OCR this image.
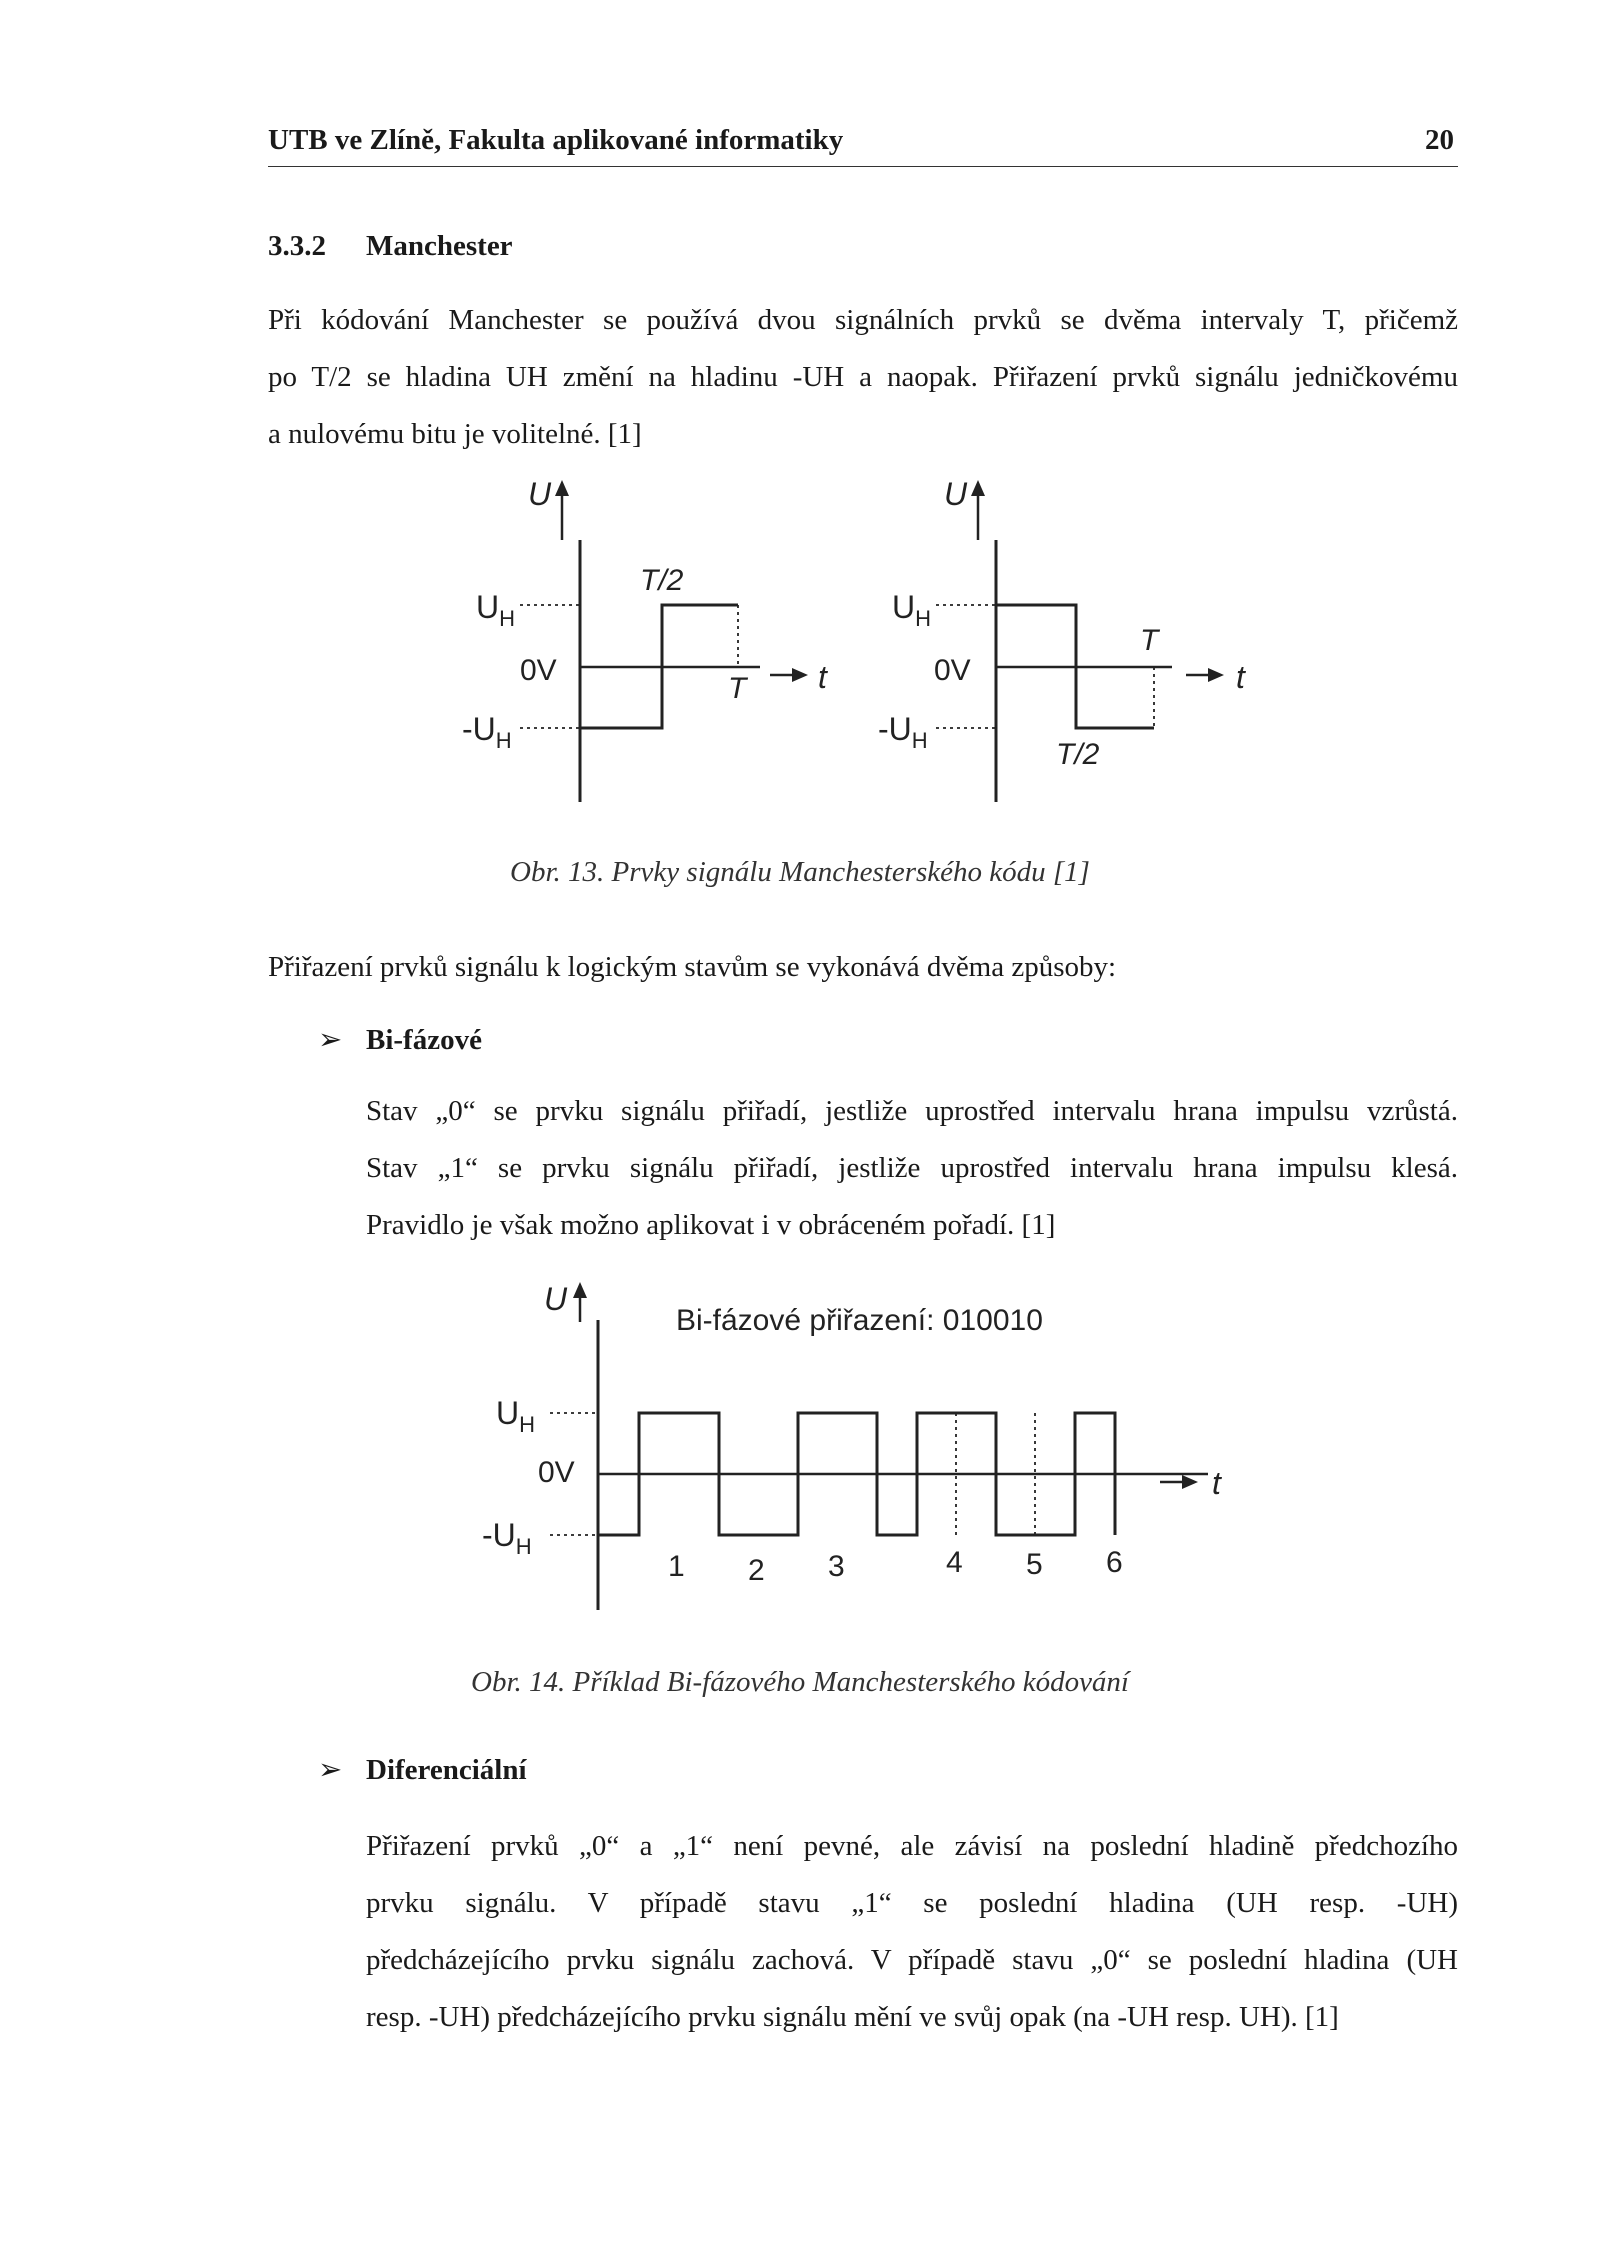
UTB ve Zlíně, Fakulta aplikované informatiky	20
3.3.2 Manchester
Při kódování Manchester se používá dvou signálních prvků se dvěma intervaly T, přičemž
po T/2 se hladina UH změní na hladinu -UH a naopak. Přiřazení prvků signálu jedničkovému
a nulovému bitu je volitelné. [1]
U
$U_H$
0V
$-U_H$
T/2
T t
U
$U_H$
0V
$-U_H$
T
T/2
t
Obr. 13. Prvky signálu Manchesterského kódu [1]
Přiřazení prvků signálu k logickým stavům se vykonává dvěma způsoby:
➢ Bi-fázové
Stav „0“ se prvku signálu přiřadí, jestliže uprostřed intervalu hrana impulsu vzrůstá.
Stav „1“ se prvku signálu přiřadí, jestliže uprostřed intervalu hrana impulsu klesá.
Pravidlo je však možno aplikovat i v obráceném pořadí. [1]
U
Bi-fázové přiřazení: 010010
$U_H$
0V
$-U_H$
t
1 2 3	4 5 6
Obr. 14. Příklad Bi-fázového Manchesterského kódování
➢ Diferenciální
Přiřazení prvků „0“ a „1“ není pevné, ale závisí na poslední hladině předchozího
prvku signálu. V případě stavu „1“ se poslední hladina (UH resp. -UH)
předcházejícího prvku signálu zachová. V případě stavu „0“ se poslední hladina (UH
resp. -UH) předcházejícího prvku signálu mění ve svůj opak (na -UH resp. UH). [1]
